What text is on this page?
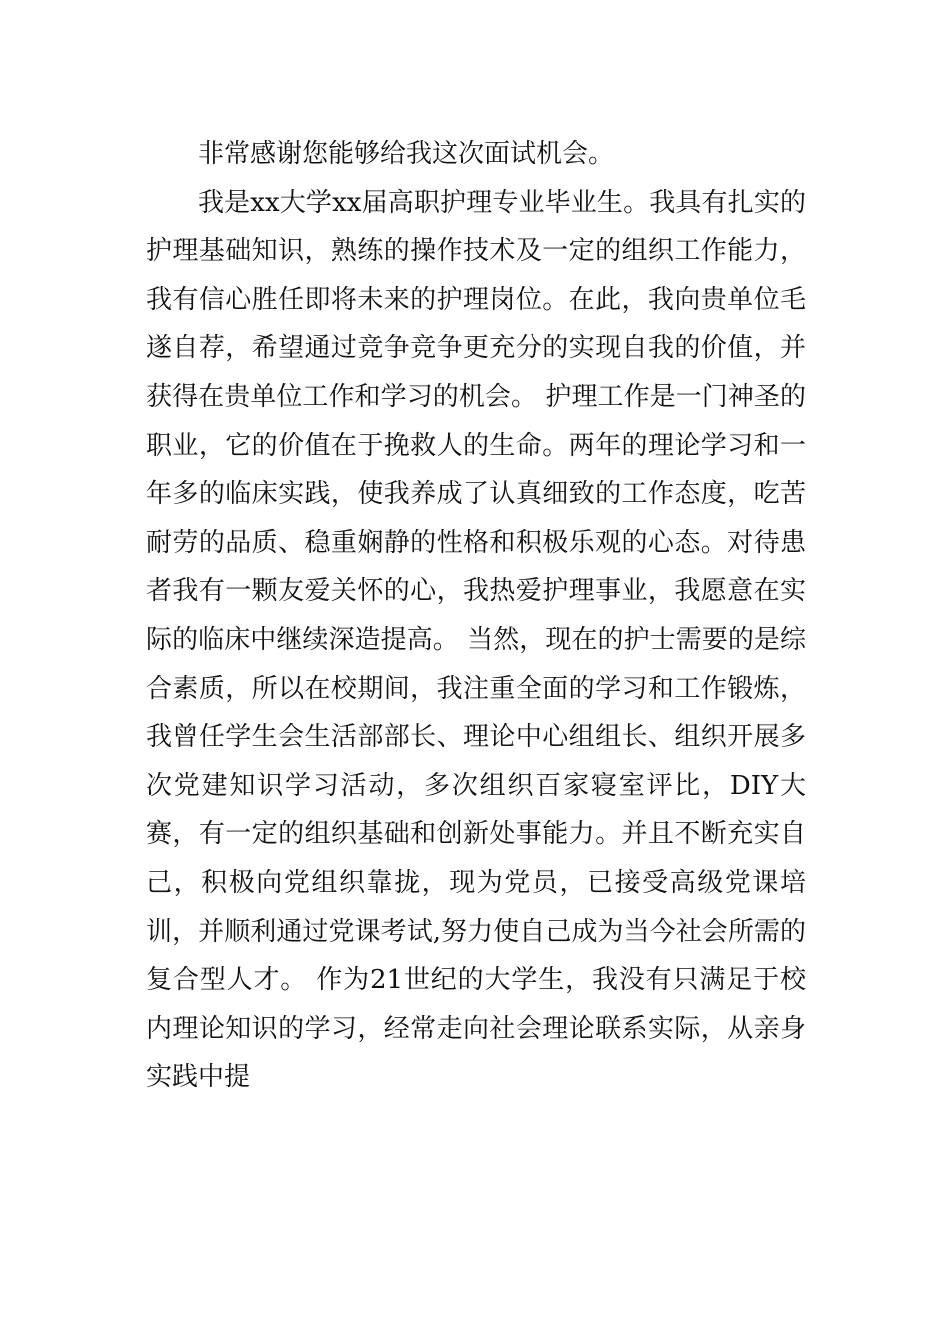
非常感谢您能够给我这次面试机会。

我是xx大学xx届高职护理专业毕业生。我具有扎实的护理基础知识，熟练的操作技术及一定的组织工作能力，我有信心胜任即将未来的护理岗位。在此，我向贵单位毛遂自荐，希望通过竞争竞争更充分的实现自我的价值，并获得在贵单位工作和学习的机会。 护理工作是一门神圣的职业，它的价值在于挽救人的生命。两年的理论学习和一年多的临床实践，使我养成了认真细致的工作态度，吃苦耐劳的品质、稳重娴静的性格和积极乐观的心态。对待患者我有一颗友爱关怀的心，我热爱护理事业，我愿意在实际的临床中继续深造提高。 当然，现在的护士需要的是综合素质，所以在校期间，我注重全面的学习和工作锻炼，我曾任学生会生活部部长、理论中心组组长、组织开展多次党建知识学习活动，多次组织百家寝室评比，DIY大赛，有一定的组织基础和创新处事能力。并且不断充实自己，积极向党组织靠拢，现为党员，已接受高级党课培训，并顺利通过党课考试,努力使自己成为当今社会所需的复合型人才。 作为21世纪的大学生，我没有只满足于校内理论知识的学习，经常走向社会理论联系实际，从亲身实践中提
